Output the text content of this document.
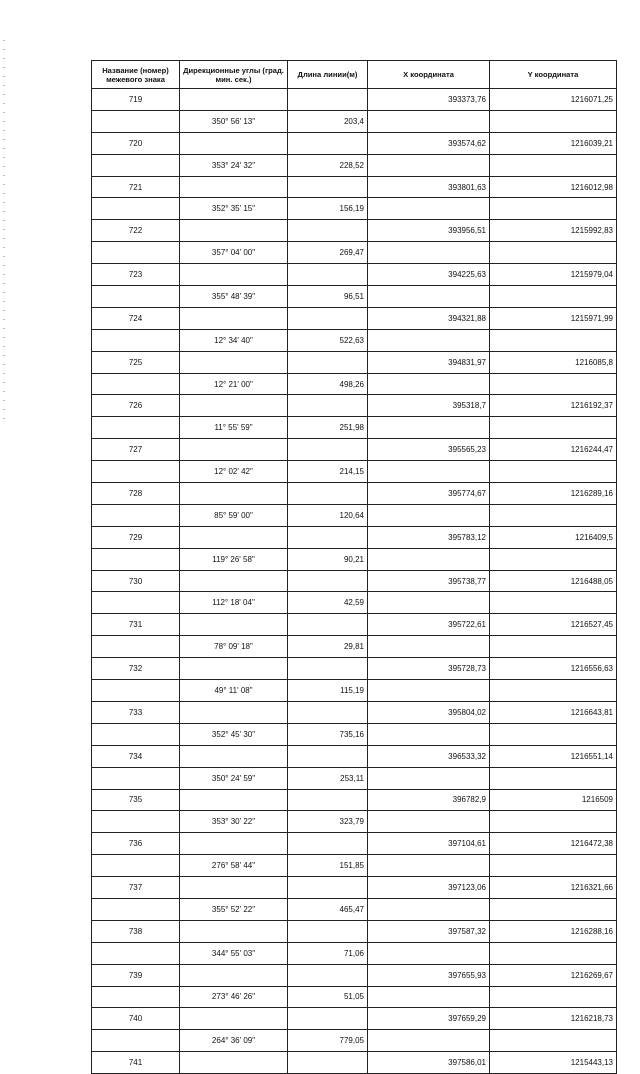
Название (номер) межевого знака	Дирекционные углы (град. мин. сек.)	Длина линии(м)	X координата	Y координата
719			393373,76	1216071,25
	350° 56' 13"	203,4		
720			393574,62	1216039,21
	353° 24' 32"	228,52		
721			393801,63	1216012,98
	352° 35' 15"	156,19		
722			393956,51	1215992,83
	357° 04' 00"	269,47		
723			394225,63	1215979,04
	355° 48' 39"	96,51		
724			394321,88	1215971,99
	12° 34' 40"	522,63		
725			394831,97	1216085,8
	12° 21' 00"	498,26		
726			395318,7	1216192,37
	11° 55' 59"	251,98		
727			395565,23	1216244,47
	12° 02' 42"	214,15		
728			395774,67	1216289,16
	85° 59' 00"	120,64		
729			395783,12	1216409,5
	119° 26' 58"	90,21		
730			395738,77	1216488,05
	112° 18' 04"	42,59		
731			395722,61	1216527,45
	78° 09' 18"	29,81		
732			395728,73	1216556,63
	49° 11' 08"	115,19		
733			395804,02	1216643,81
	352° 45' 30"	735,16		
734			396533,32	1216551,14
	350° 24' 59"	253,11		
735			396782,9	1216509
	353° 30' 22"	323,79		
736			397104,61	1216472,38
	276° 58' 44"	151,85		
737			397123,06	1216321,66
	355° 52' 22"	465,47		
738			397587,32	1216288,16
	344° 55' 03"	71,06		
739			397655,93	1216269,67
	273° 46' 26"	51,05		
740			397659,29	1216218,73
	264° 36' 09"	779,05		
741			397586,01	1215443,13
